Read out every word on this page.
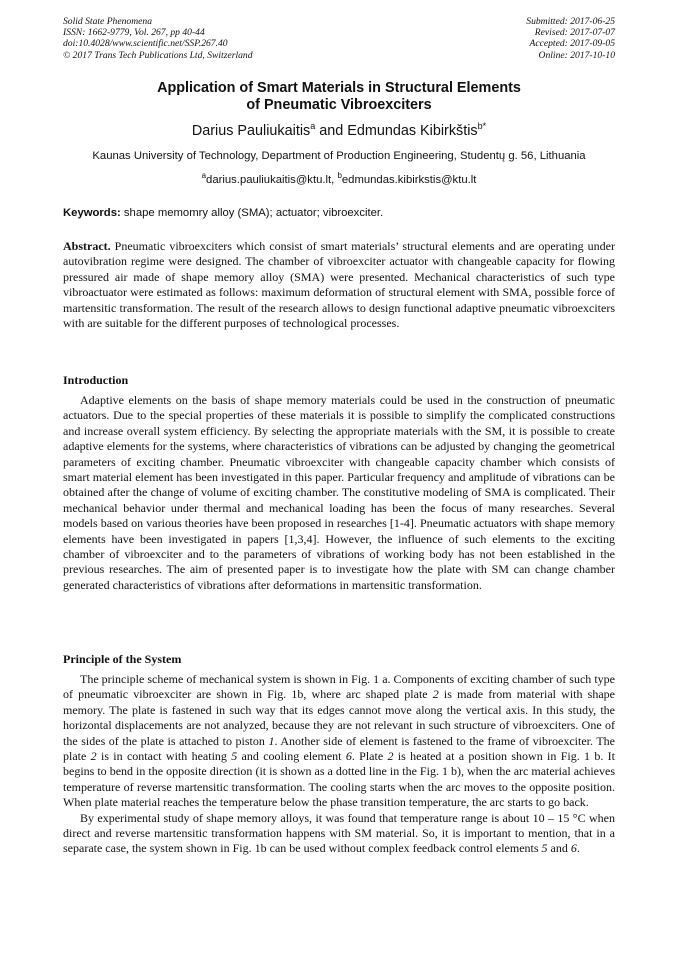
Solid State Phenomena
ISSN: 1662-9779, Vol. 267, pp 40-44
doi:10.4028/www.scientific.net/SSP.267.40
© 2017 Trans Tech Publications Ltd, Switzerland
Submitted: 2017-06-25
Revised: 2017-07-07
Accepted: 2017-09-05
Online: 2017-10-10
Application of Smart Materials in Structural Elements
of Pneumatic Vibroexciters
Darius Pauliukaitis$^a$ and Edmundas Kibirkštis$^{b*}$
Kaunas University of Technology, Department of Production Engineering, Studentų g. 56, Lithuania
$^a$darius.pauliukaitis@ktu.lt, $^b$edmundas.kibirkstis@ktu.lt
Keywords: shape memomry alloy (SMA); actuator; vibroexciter.
Abstract. Pneumatic vibroexciters which consist of smart materials’ structural elements and are operating under autovibration regime were designed. The chamber of vibroexciter actuator with changeable capacity for flowing pressured air made of shape memory alloy (SMA) were presented. Mechanical characteristics of such type vibroactuator were estimated as follows: maximum deformation of structural element with SMA, possible force of martensitic transformation. The result of the research allows to design functional adaptive pneumatic vibroexciters with are suitable for the different purposes of technological processes.
Introduction
Adaptive elements on the basis of shape memory materials could be used in the construction of pneumatic actuators. Due to the special properties of these materials it is possible to simplify the complicated constructions and increase overall system efficiency. By selecting the appropriate materials with the SM, it is possible to create adaptive elements for the systems, where characteristics of vibrations can be adjusted by changing the geometrical parameters of exciting chamber. Pneumatic vibroexciter with changeable capacity chamber which consists of smart material element has been investigated in this paper. Particular frequency and amplitude of vibrations can be obtained after the change of volume of exciting chamber. The constitutive modeling of SMA is complicated. Their mechanical behavior under thermal and mechanical loading has been the focus of many researches. Several models based on various theories have been proposed in researches [1-4]. Pneumatic actuators with shape memory elements have been investigated in papers [1,3,4]. However, the influence of such elements to the exciting chamber of vibroexciter and to the parameters of vibrations of working body has not been established in the previous researches. The aim of presented paper is to investigate how the plate with SM can change chamber generated characteristics of vibrations after deformations in martensitic transformation.
Principle of the System

The principle scheme of mechanical system is shown in Fig. 1 a. Components of exciting chamber of such type of pneumatic vibroexciter are shown in Fig. 1b, where arc shaped plate 2 is made from material with shape memory. The plate is fastened in such way that its edges cannot move along the vertical axis. In this study, the horizontal displacements are not analyzed, because they are not relevant in such structure of vibroexciters. One of the sides of the plate is attached to piston 1. Another side of element is fastened to the frame of vibroexciter. The plate 2 is in contact with heating 5 and cooling element 6. Plate 2 is heated at a position shown in Fig. 1 b. It begins to bend in the opposite direction (it is shown as a dotted line in the Fig. 1 b), when the arc material achieves temperature of reverse martensitic transformation. The cooling starts when the arc moves to the opposite position. When plate material reaches the temperature below the phase transition temperature, the arc starts to go back.

By experimental study of shape memory alloys, it was found that temperature range is about 10 – 15 °C when direct and reverse martensitic transformation happens with SM material. So, it is important to mention, that in a separate case, the system shown in Fig. 1b can be used without complex feedback control elements 5 and 6.
